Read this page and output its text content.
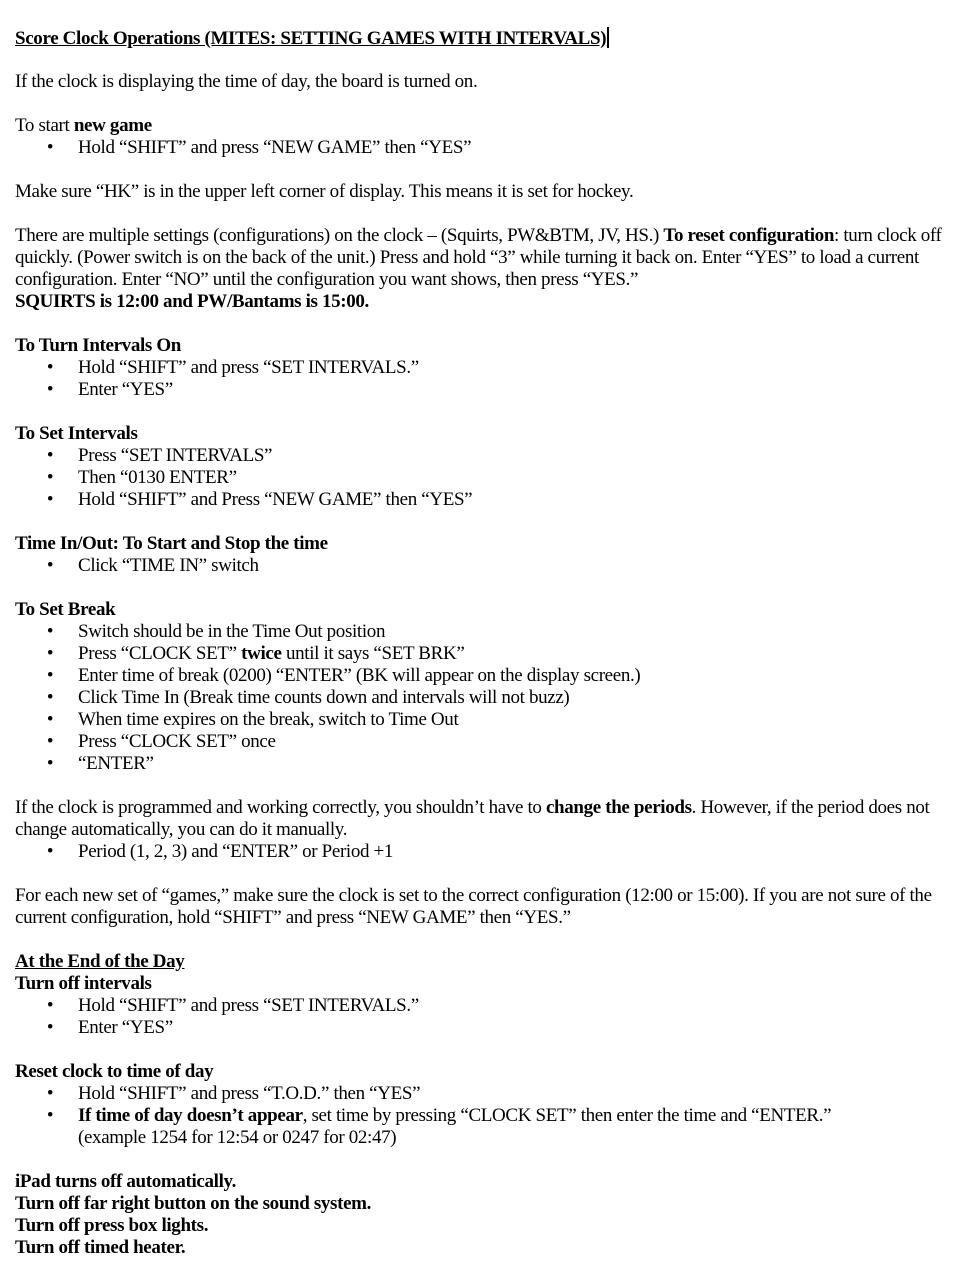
Score Clock Operations (MITES: SETTING GAMES WITH INTERVALS)
If the clock is displaying the time of day, the board is turned on.
To start new game
• Hold “SHIFT” and press “NEW GAME” then “YES”
Make sure “HK” is in the upper left corner of display. This means it is set for hockey.
There are multiple settings (configurations) on the clock – (Squirts, PW&BTM, JV, HS.) To reset configuration: turn clock off quickly. (Power switch is on the back of the unit.) Press and hold “3” while turning it back on. Enter “YES” to load a current configuration. Enter “NO” until the configuration you want shows, then press “YES.”
SQUIRTS is 12:00 and PW/Bantams is 15:00.
To Turn Intervals On
• Hold “SHIFT” and press “SET INTERVALS.”
• Enter “YES”
To Set Intervals
• Press “SET INTERVALS”
• Then “0130 ENTER”
• Hold “SHIFT” and Press “NEW GAME” then “YES”
Time In/Out: To Start and Stop the time
• Click “TIME IN” switch
To Set Break
• Switch should be in the Time Out position
• Press “CLOCK SET” twice until it says “SET BRK”
• Enter time of break (0200) “ENTER” (BK will appear on the display screen.)
• Click Time In (Break time counts down and intervals will not buzz)
• When time expires on the break, switch to Time Out
• Press “CLOCK SET” once
• “ENTER”
If the clock is programmed and working correctly, you shouldn’t have to change the periods. However, if the period does not change automatically, you can do it manually.
• Period (1, 2, 3) and “ENTER” or Period +1
For each new set of “games,” make sure the clock is set to the correct configuration (12:00 or 15:00). If you are not sure of the current configuration, hold “SHIFT” and press “NEW GAME” then “YES.”
At the End of the Day
Turn off intervals
• Hold “SHIFT” and press “SET INTERVALS.”
• Enter “YES”
Reset clock to time of day
• Hold “SHIFT” and press “T.O.D.” then “YES”
• If time of day doesn’t appear, set time by pressing “CLOCK SET” then enter the time and “ENTER.”
(example 1254 for 12:54 or 0247 for 02:47)
iPad turns off automatically.
Turn off far right button on the sound system.
Turn off press box lights.
Turn off timed heater.
